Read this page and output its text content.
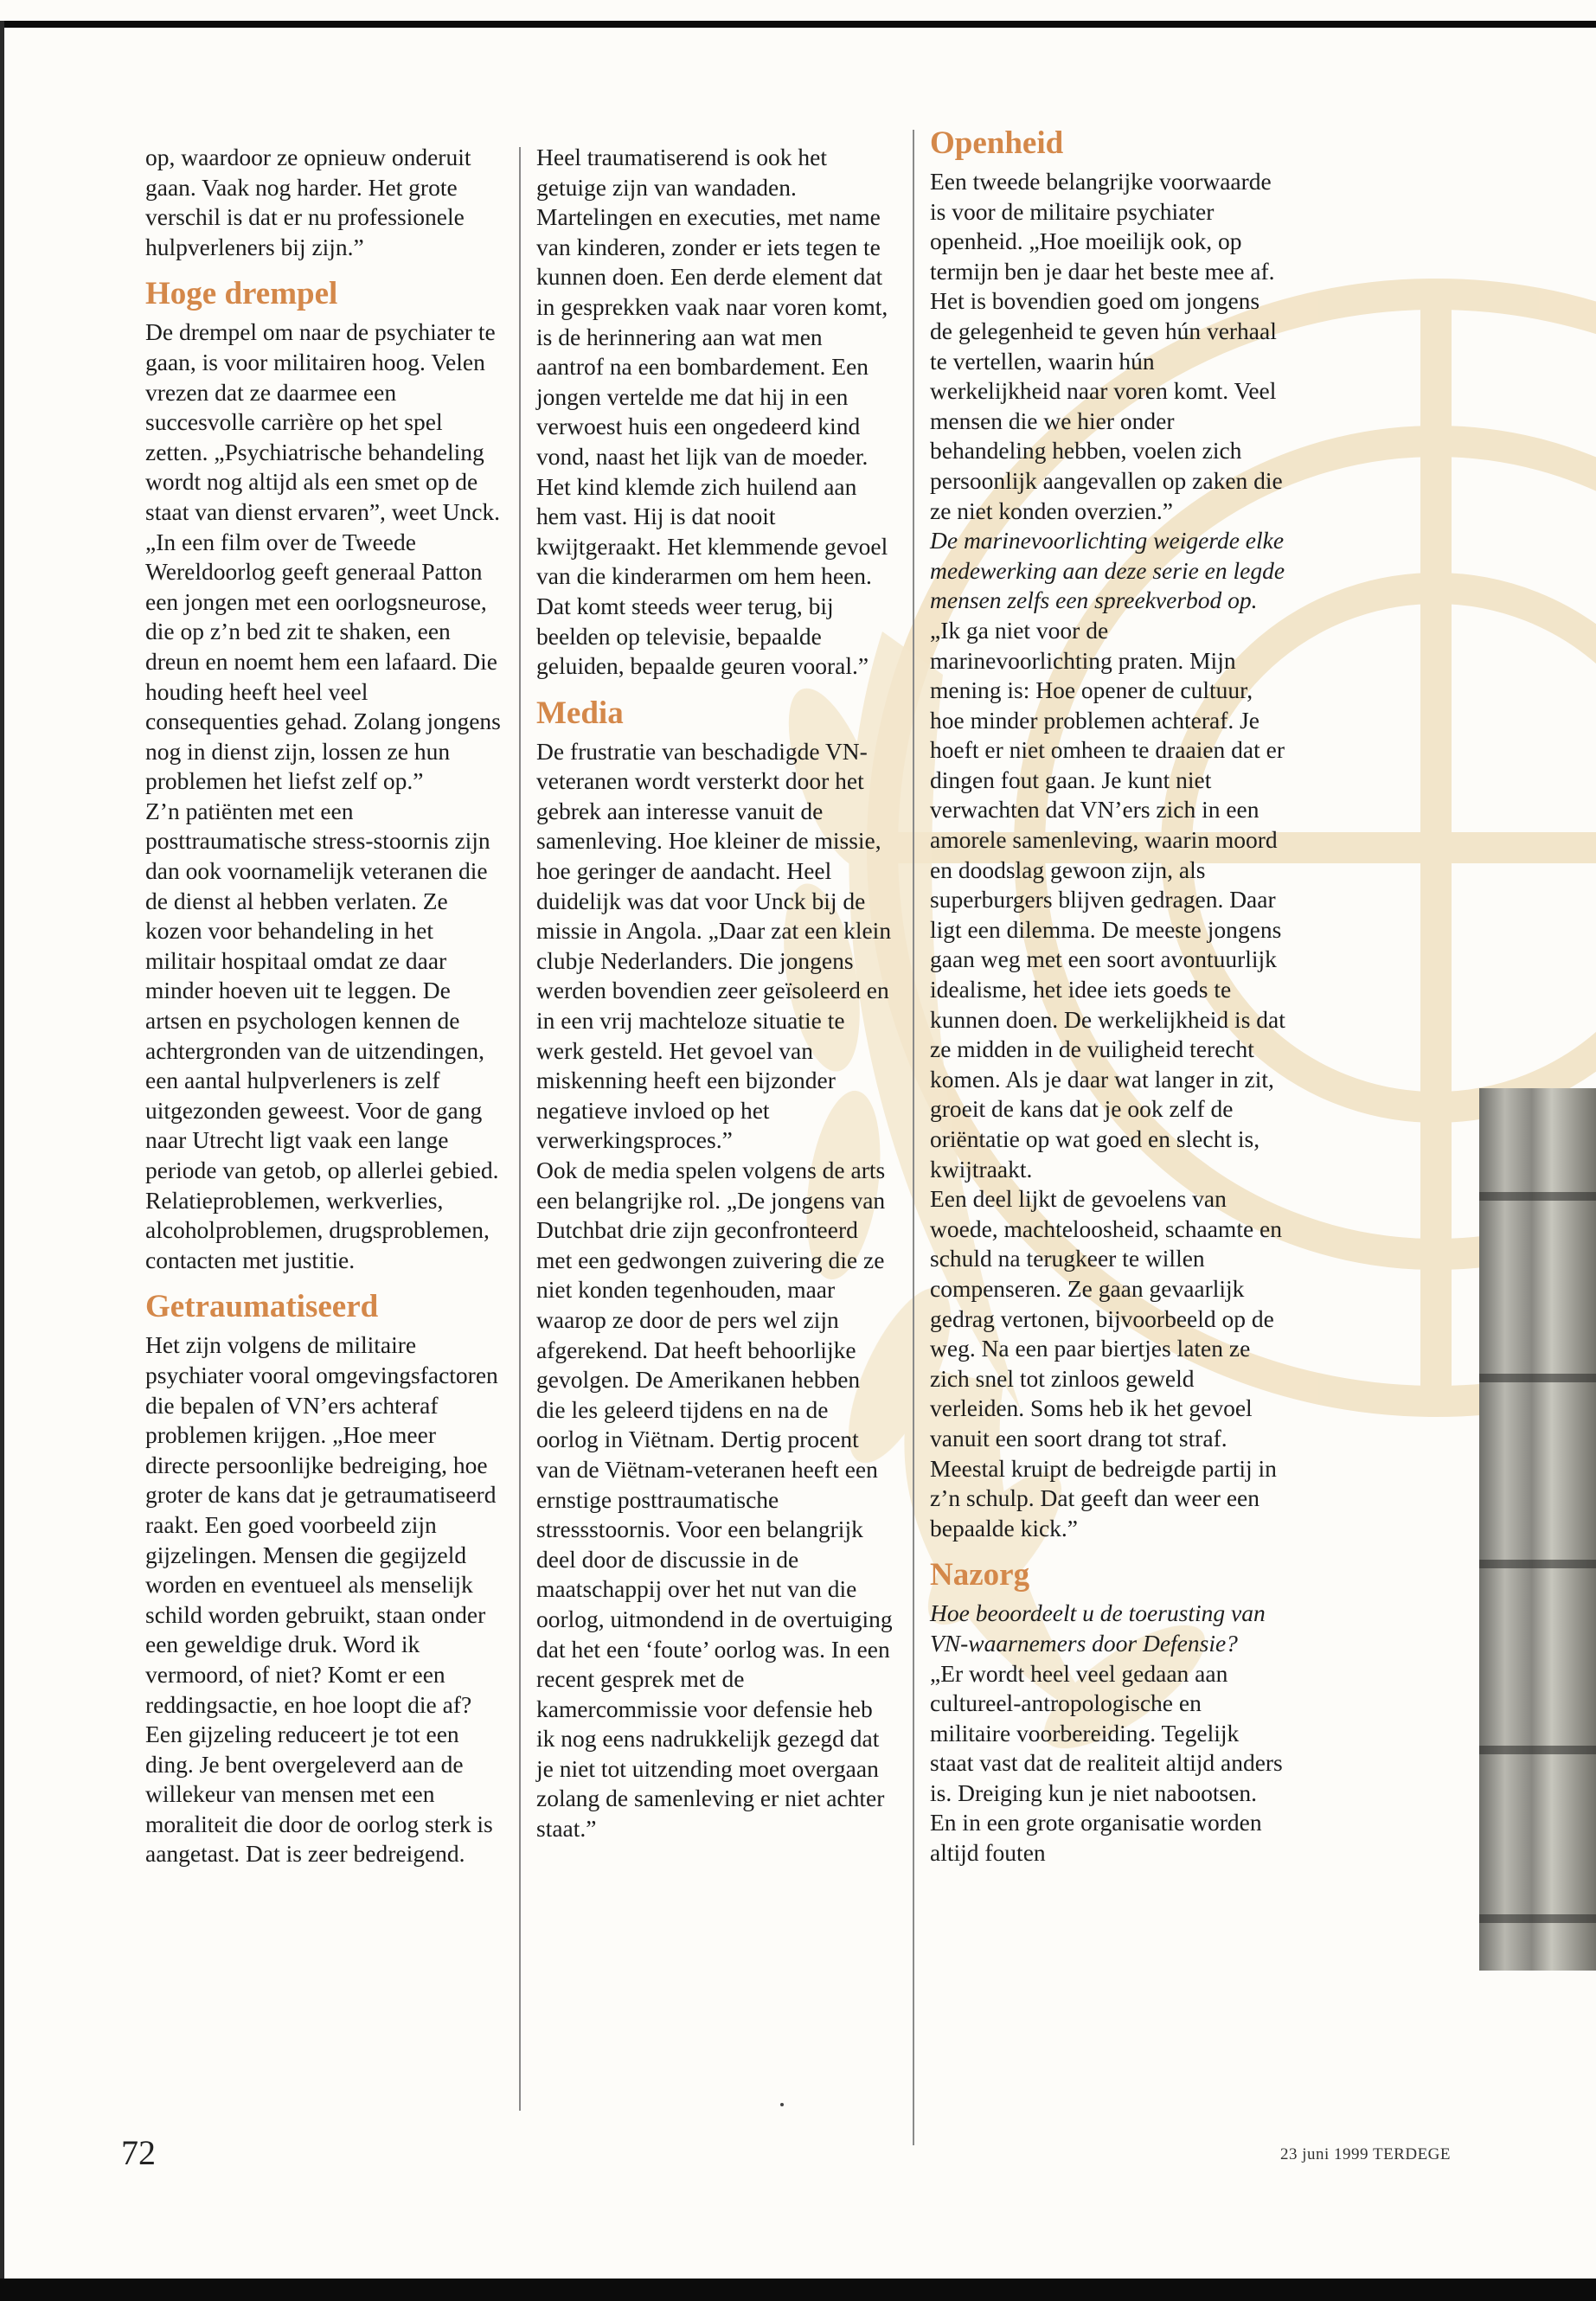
op, waardoor ze opnieuw onderuit gaan. Vaak nog harder. Het grote verschil is dat er nu professionele hulpverleners bij zijn.”

Hoge drempel

De drempel om naar de psychiater te gaan, is voor militairen hoog. Velen vrezen dat ze daarmee een succesvolle carrière op het spel zetten. „Psychiatrische behandeling wordt nog altijd als een smet op de staat van dienst ervaren”, weet Unck. „In een film over de Tweede Wereldoorlog geeft generaal Patton een jongen met een oorlogsneurose, die op z’n bed zit te shaken, een dreun en noemt hem een lafaard. Die houding heeft heel veel consequenties gehad. Zolang jongens nog in dienst zijn, lossen ze hun problemen het liefst zelf op.”

Z’n patiënten met een posttraumatische stress-stoornis zijn dan ook voornamelijk veteranen die de dienst al hebben verlaten. Ze kozen voor behandeling in het militair hospitaal omdat ze daar minder hoeven uit te leggen. De artsen en psychologen kennen de achtergronden van de uitzendingen, een aantal hulpverleners is zelf uitgezonden geweest. Voor de gang naar Utrecht ligt vaak een lange periode van getob, op allerlei gebied. Relatieproblemen, werkverlies, alcoholproblemen, drugsproblemen, contacten met justitie.

Getraumatiseerd

Het zijn volgens de militaire psychiater vooral omgevingsfactoren die bepalen of VN’ers achteraf problemen krijgen. „Hoe meer directe persoonlijke bedreiging, hoe groter de kans dat je getraumatiseerd raakt. Een goed voorbeeld zijn gijzelingen. Mensen die gegijzeld worden en eventueel als menselijk schild worden gebruikt, staan onder een geweldige druk. Word ik vermoord, of niet? Komt er een reddingsactie, en hoe loopt die af? Een gijzeling reduceert je tot een ding. Je bent overgeleverd aan de willekeur van mensen met een moraliteit die door de oorlog sterk is aangetast. Dat is zeer bedreigend.

Heel traumatiserend is ook het getuige zijn van wandaden. Martelingen en executies, met name van kinderen, zonder er iets tegen te kunnen doen. Een derde element dat in gesprekken vaak naar voren komt, is de herinnering aan wat men aantrof na een bombardement. Een jongen vertelde me dat hij in een verwoest huis een ongedeerd kind vond, naast het lijk van de moeder. Het kind klemde zich huilend aan hem vast. Hij is dat nooit kwijtgeraakt. Het klemmende gevoel van die kinderarmen om hem heen. Dat komt steeds weer terug, bij beelden op televisie, bepaalde geluiden, bepaalde geuren vooral.”

Media

De frustratie van beschadigde VN-veteranen wordt versterkt door het gebrek aan interesse vanuit de samenleving. Hoe kleiner de missie, hoe geringer de aandacht. Heel duidelijk was dat voor Unck bij de missie in Angola. „Daar zat een klein clubje Nederlanders. Die jongens werden bovendien zeer geïsoleerd en in een vrij machteloze situatie te werk gesteld. Het gevoel van miskenning heeft een bijzonder negatieve invloed op het verwerkingsproces.”

Ook de media spelen volgens de arts een belangrijke rol. „De jongens van Dutchbat drie zijn geconfronteerd met een gedwongen zuivering die ze niet konden tegenhouden, maar waarop ze door de pers wel zijn afgerekend. Dat heeft behoorlijke gevolgen. De Amerikanen hebben die les geleerd tijdens en na de oorlog in Viëtnam. Dertig procent van de Viëtnam-veteranen heeft een ernstige posttraumatische stressstoornis. Voor een belangrijk deel door de discussie in de maatschappij over het nut van die oorlog, uitmondend in de overtuiging dat het een ‘foute’ oorlog was. In een recent gesprek met de kamercommissie voor defensie heb ik nog eens nadrukkelijk gezegd dat je niet tot uitzending moet overgaan zolang de samenleving er niet achter staat.”

Openheid

Een tweede belangrijke voorwaarde is voor de militaire psychiater openheid. „Hoe moeilijk ook, op termijn ben je daar het beste mee af. Het is bovendien goed om jongens de gelegenheid te geven hún verhaal te vertellen, waarin hún werkelijkheid naar voren komt. Veel mensen die we hier onder behandeling hebben, voelen zich persoonlijk aangevallen op zaken die ze niet konden overzien.”

De marinevoorlichting weigerde elke medewerking aan deze serie en legde mensen zelfs een spreekverbod op.

„Ik ga niet voor de marinevoorlichting praten. Mijn mening is: Hoe opener de cultuur, hoe minder problemen achteraf. Je hoeft er niet omheen te draaien dat er dingen fout gaan. Je kunt niet verwachten dat VN’ers zich in een amorele samenleving, waarin moord en doodslag gewoon zijn, als superburgers blijven gedragen. Daar ligt een dilemma. De meeste jongens gaan weg met een soort avontuurlijk idealisme, het idee iets goeds te kunnen doen. De werkelijkheid is dat ze midden in de vuiligheid terecht komen. Als je daar wat langer in zit, groeit de kans dat je ook zelf de oriëntatie op wat goed en slecht is, kwijtraakt.

Een deel lijkt de gevoelens van woede, machteloosheid, schaamte en schuld na terugkeer te willen compenseren. Ze gaan gevaarlijk gedrag vertonen, bijvoorbeeld op de weg. Na een paar biertjes laten ze zich snel tot zinloos geweld verleiden. Soms heb ik het gevoel vanuit een soort drang tot straf. Meestal kruipt de bedreigde partij in z’n schulp. Dat geeft dan weer een bepaalde kick.”

Nazorg

Hoe beoordeelt u de toerusting van VN-waarnemers door Defensie?

„Er wordt heel veel gedaan aan cultureel-antropologische en militaire voorbereiding. Tegelijk staat vast dat de realiteit altijd anders is. Dreiging kun je niet nabootsen. En in een grote organisatie worden altijd fouten

72	23 juni 1999 TERDEGE
